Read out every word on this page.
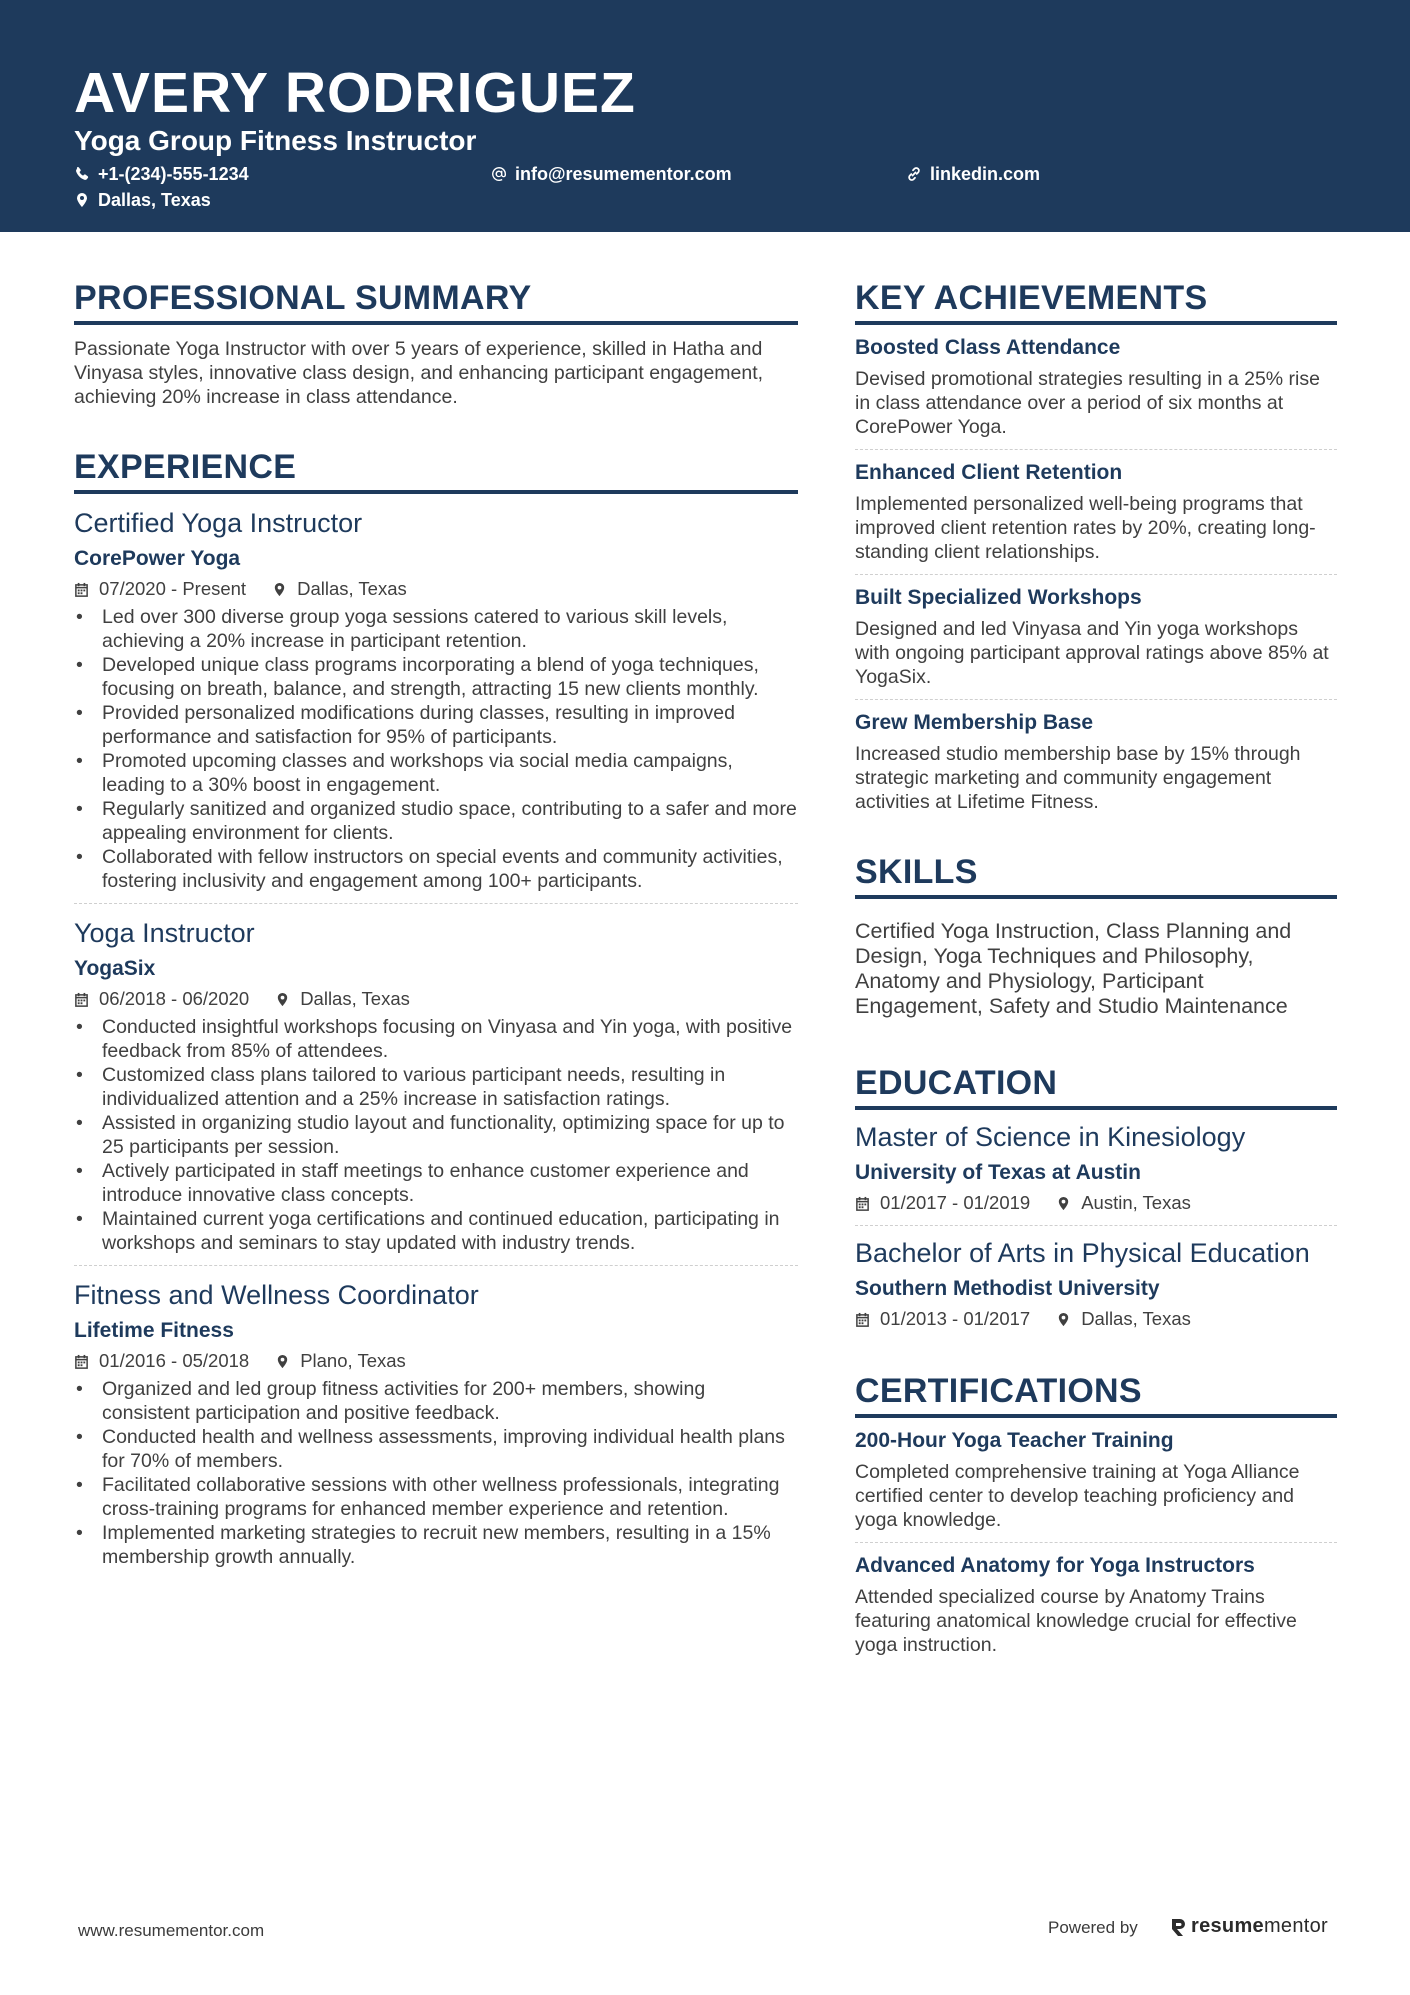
AVERY RODRIGUEZ
Yoga Group Fitness Instructor
+1-(234)-555-1234	info@resumementor.com	linkedin.com
Dallas, Texas
PROFESSIONAL SUMMARY
Passionate Yoga Instructor with over 5 years of experience, skilled in Hatha and Vinyasa styles, innovative class design, and enhancing participant engagement, achieving 20% increase in class attendance.
EXPERIENCE
Certified Yoga Instructor
CorePower Yoga
07/2020 - Present	Dallas, Texas
• Led over 300 diverse group yoga sessions catered to various skill levels, achieving a 20% increase in participant retention.
• Developed unique class programs incorporating a blend of yoga techniques, focusing on breath, balance, and strength, attracting 15 new clients monthly.
• Provided personalized modifications during classes, resulting in improved performance and satisfaction for 95% of participants.
• Promoted upcoming classes and workshops via social media campaigns, leading to a 30% boost in engagement.
• Regularly sanitized and organized studio space, contributing to a safer and more appealing environment for clients.
• Collaborated with fellow instructors on special events and community activities, fostering inclusivity and engagement among 100+ participants.
Yoga Instructor
YogaSix
06/2018 - 06/2020	Dallas, Texas
• Conducted insightful workshops focusing on Vinyasa and Yin yoga, with positive feedback from 85% of attendees.
• Customized class plans tailored to various participant needs, resulting in individualized attention and a 25% increase in satisfaction ratings.
• Assisted in organizing studio layout and functionality, optimizing space for up to 25 participants per session.
• Actively participated in staff meetings to enhance customer experience and introduce innovative class concepts.
• Maintained current yoga certifications and continued education, participating in workshops and seminars to stay updated with industry trends.
Fitness and Wellness Coordinator
Lifetime Fitness
01/2016 - 05/2018	Plano, Texas
• Organized and led group fitness activities for 200+ members, showing consistent participation and positive feedback.
• Conducted health and wellness assessments, improving individual health plans for 70% of members.
• Facilitated collaborative sessions with other wellness professionals, integrating cross-training programs for enhanced member experience and retention.
• Implemented marketing strategies to recruit new members, resulting in a 15% membership growth annually.
KEY ACHIEVEMENTS
Boosted Class Attendance
Devised promotional strategies resulting in a 25% rise in class attendance over a period of six months at CorePower Yoga.
Enhanced Client Retention
Implemented personalized well-being programs that improved client retention rates by 20%, creating long-standing client relationships.
Built Specialized Workshops
Designed and led Vinyasa and Yin yoga workshops with ongoing participant approval ratings above 85% at YogaSix.
Grew Membership Base
Increased studio membership base by 15% through strategic marketing and community engagement activities at Lifetime Fitness.
SKILLS
Certified Yoga Instruction, Class Planning and Design, Yoga Techniques and Philosophy, Anatomy and Physiology, Participant Engagement, Safety and Studio Maintenance
EDUCATION
Master of Science in Kinesiology
University of Texas at Austin
01/2017 - 01/2019	Austin, Texas
Bachelor of Arts in Physical Education
Southern Methodist University
01/2013 - 01/2017	Dallas, Texas
CERTIFICATIONS
200-Hour Yoga Teacher Training
Completed comprehensive training at Yoga Alliance certified center to develop teaching proficiency and yoga knowledge.
Advanced Anatomy for Yoga Instructors
Attended specialized course by Anatomy Trains featuring anatomical knowledge crucial for effective yoga instruction.
www.resumementor.com	Powered by	resumementor
